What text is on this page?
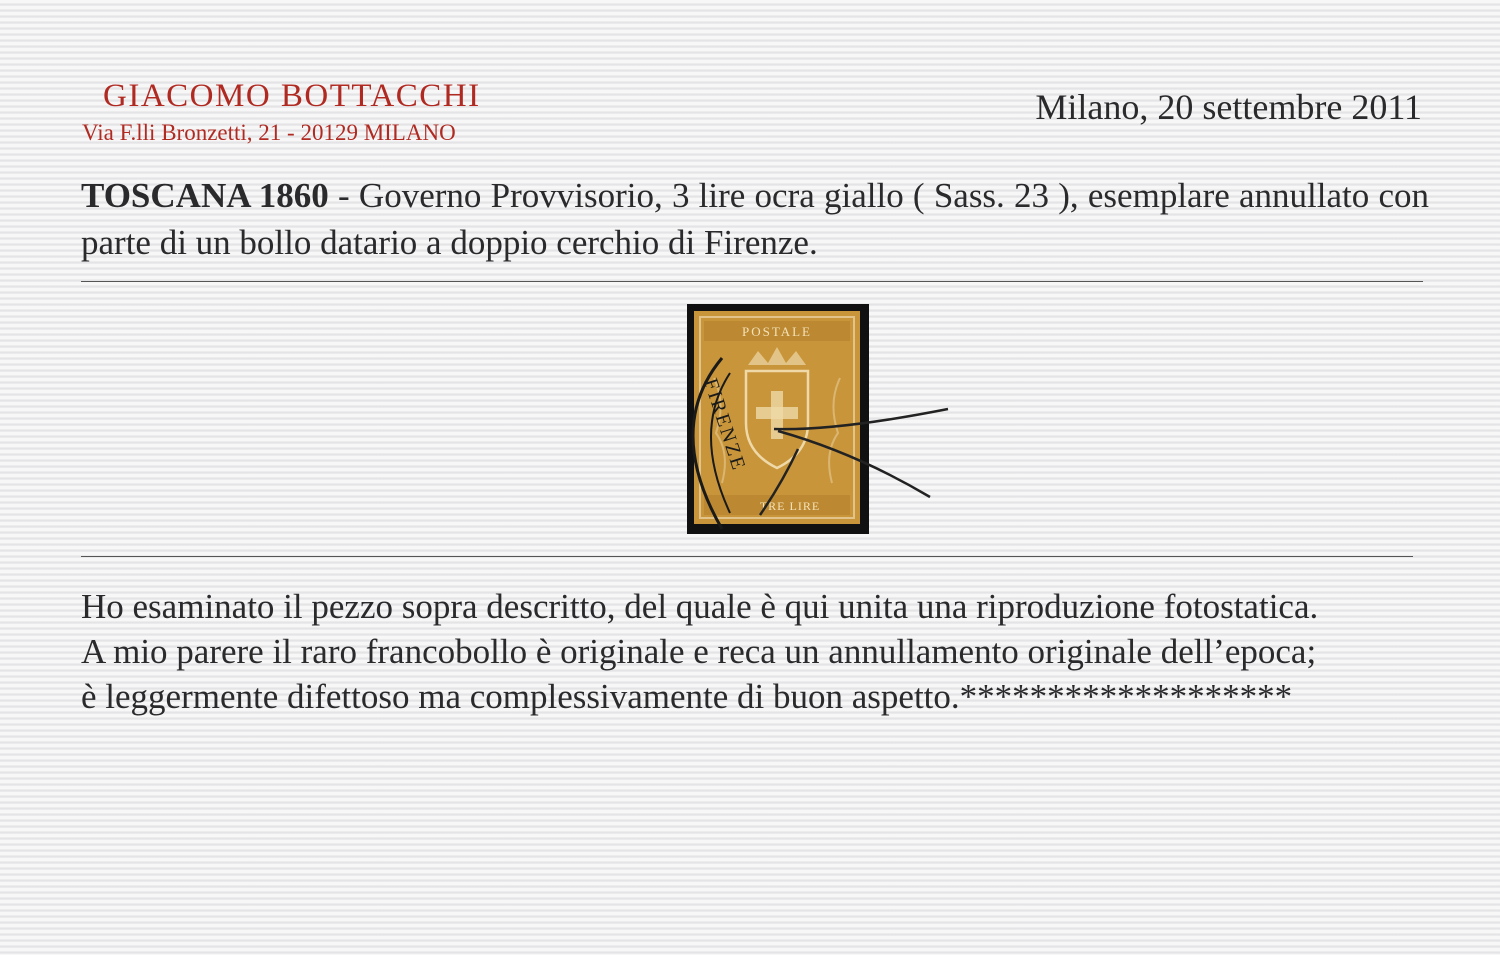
GIACOMO BOTTACCHI
Via F.lli Bronzetti, 21 - 20129 MILANO
Milano, 20 settembre 2011
TOSCANA 1860 - Governo Provvisorio, 3 lire ocra giallo ( Sass. 23 ), esemplare annullato con parte di un bollo datario a doppio cerchio di Firenze.
POSTALE
TRE LIRE
FIRENZE

Ho esaminato il pezzo sopra descritto, del quale è qui unita una riproduzione fotostatica.

A mio parere il raro francobollo è originale e reca un annullamento originale dell’epoca;

è leggermente difettoso ma complessivamente di buon aspetto.*******************
